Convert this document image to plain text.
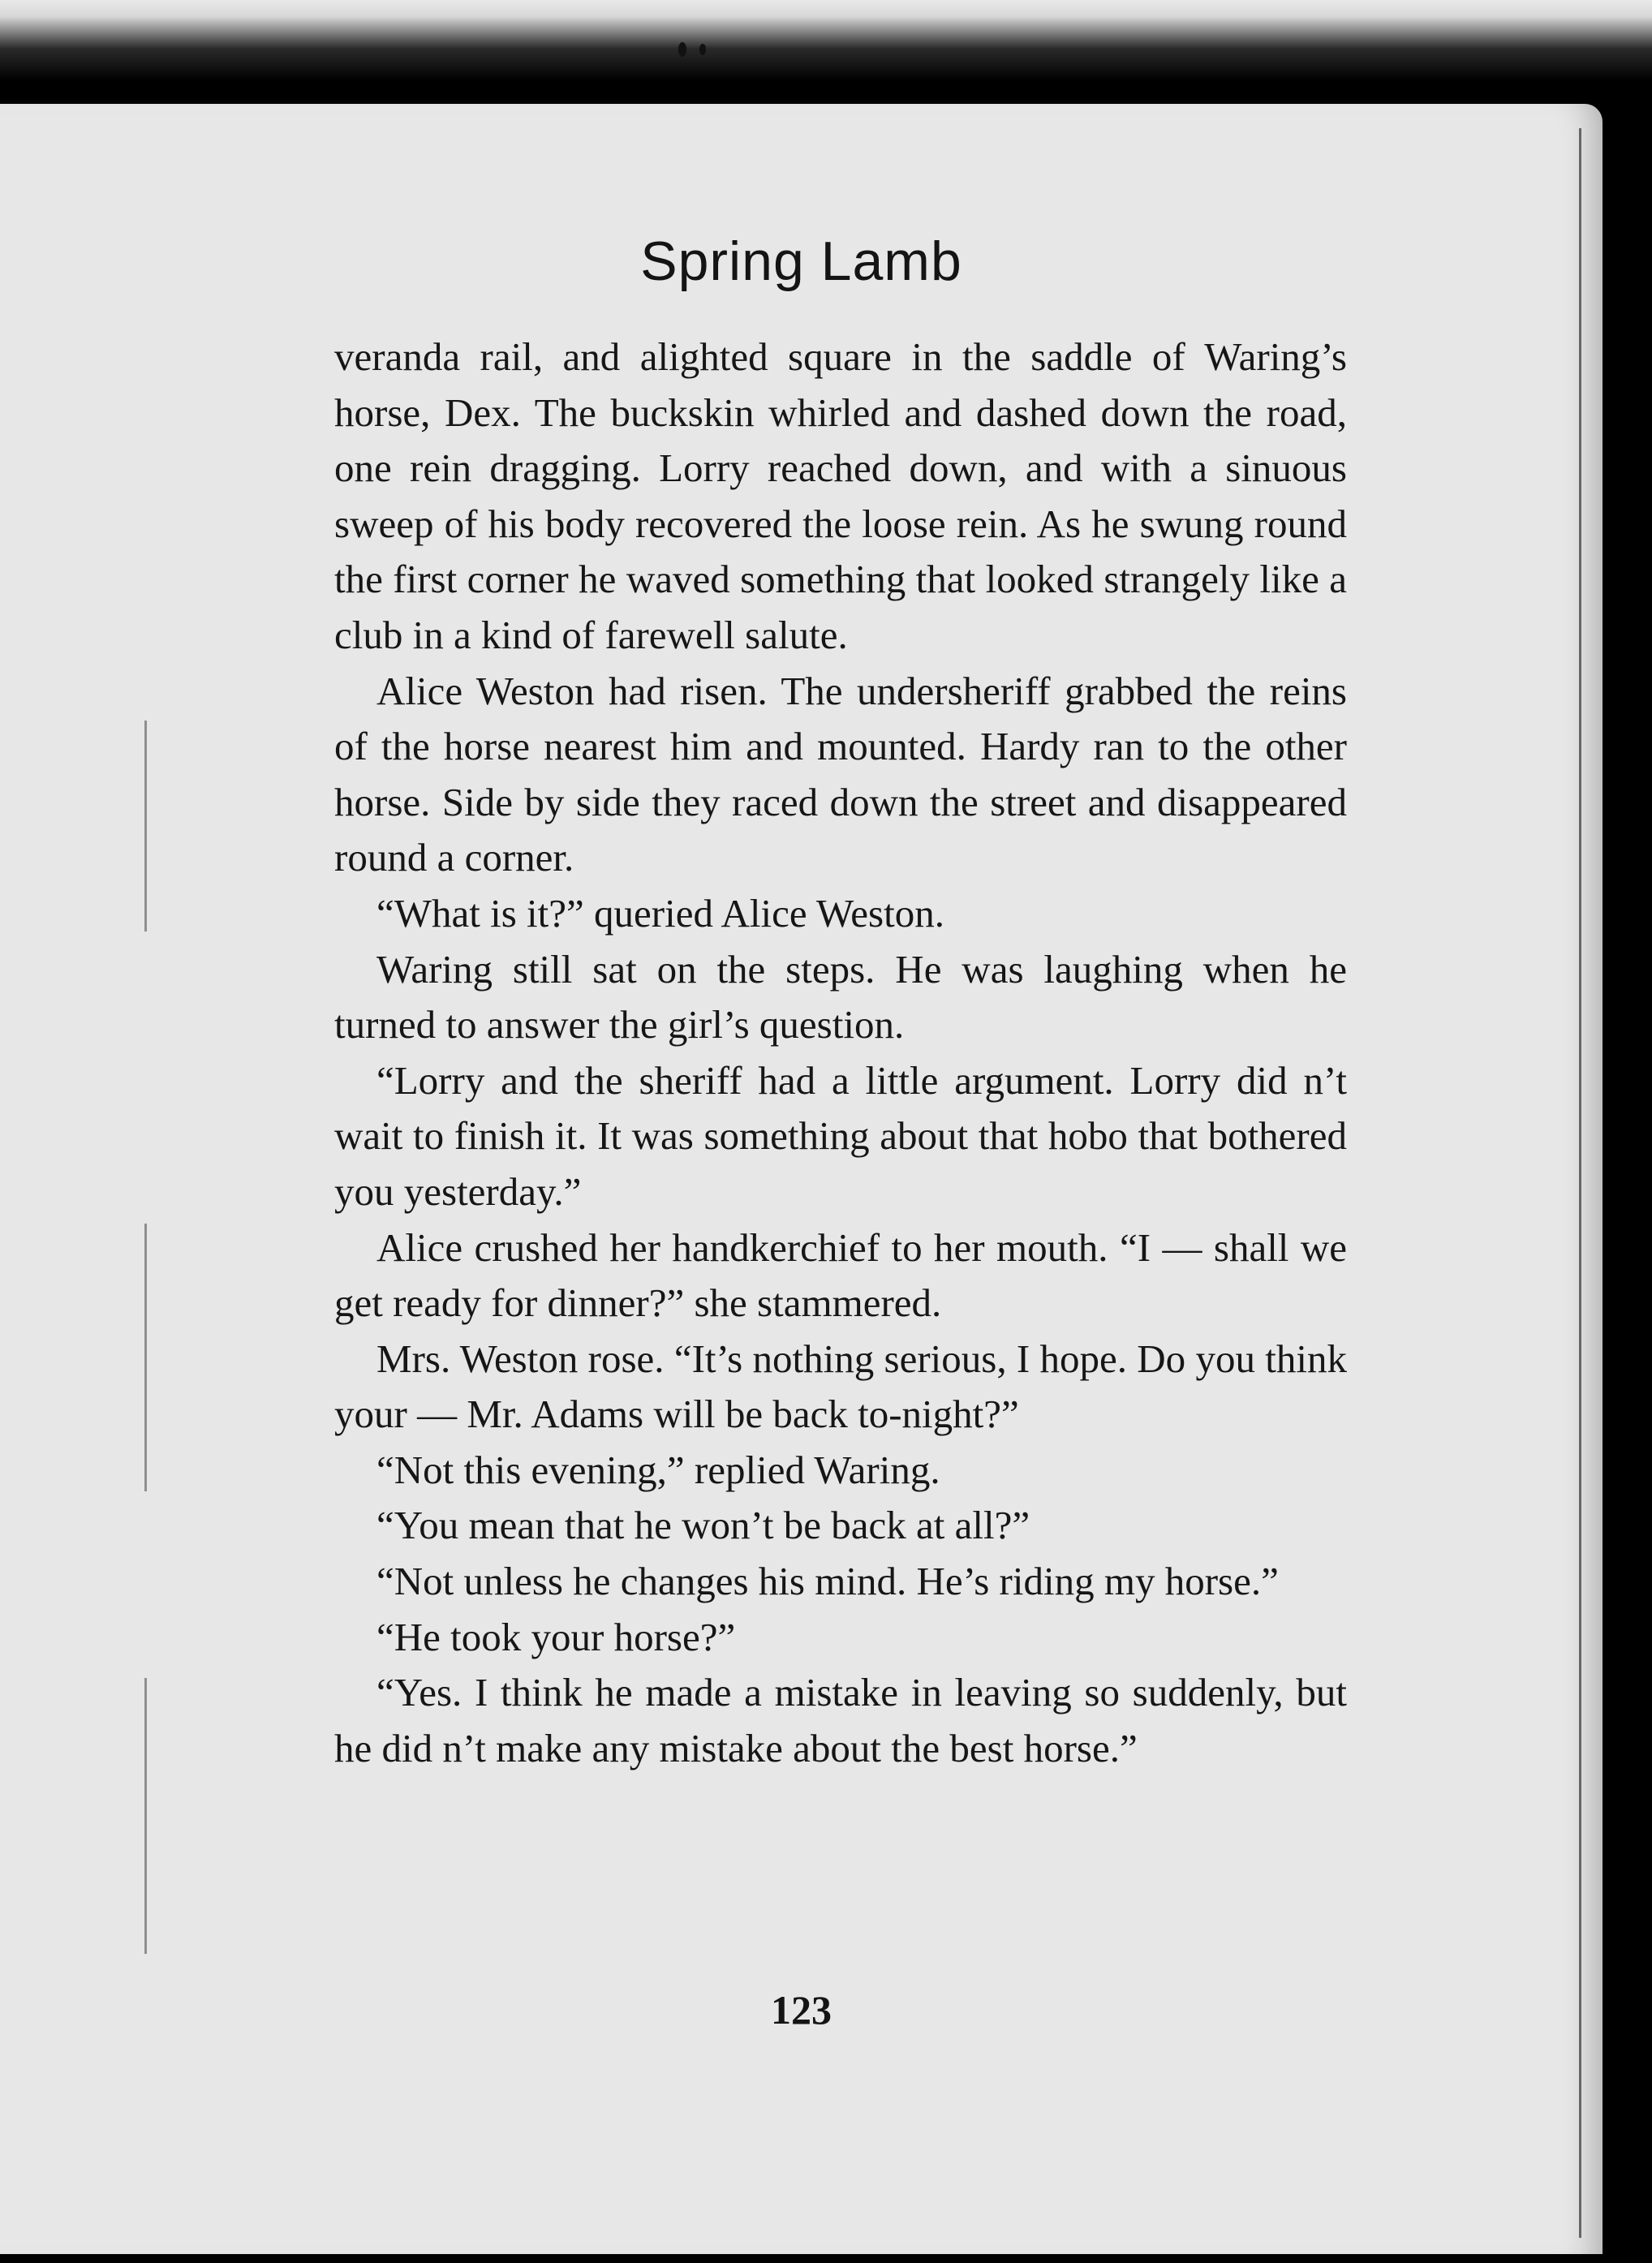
Spring Lamb

veranda rail, and alighted square in the saddle of Waring’s horse, Dex. The buckskin whirled and dashed down the road, one rein dragging. Lorry reached down, and with a sinuous sweep of his body recovered the loose rein. As he swung round the first corner he waved something that looked strangely like a club in a kind of farewell salute.

Alice Weston had risen. The undersheriff grabbed the reins of the horse nearest him and mounted. Hardy ran to the other horse. Side by side they raced down the street and disappeared round a corner.

“What is it?” queried Alice Weston.

Waring still sat on the steps. He was laughing when he turned to answer the girl’s question.

“Lorry and the sheriff had a little argument. Lorry did n’t wait to finish it. It was something about that hobo that bothered you yesterday.”

Alice crushed her handkerchief to her mouth. “I — shall we get ready for dinner?” she stammered.

Mrs. Weston rose. “It’s nothing serious, I hope. Do you think your — Mr. Adams will be back to-night?”

“Not this evening,” replied Waring.

“You mean that he won’t be back at all?”

“Not unless he changes his mind. He’s riding my horse.”

“He took your horse?”

“Yes. I think he made a mistake in leaving so suddenly, but he did n’t make any mistake about the best horse.”

123
